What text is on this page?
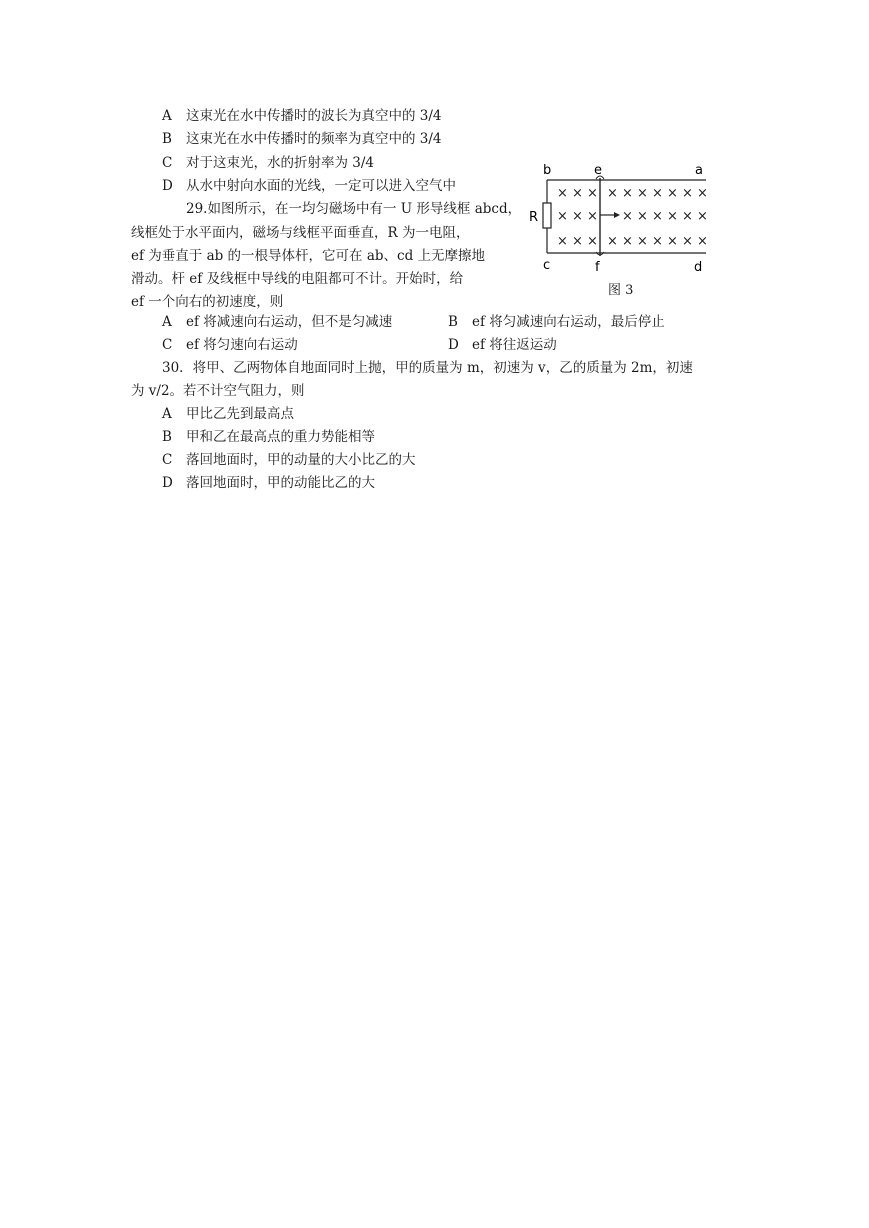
A 这束光在水中传播时的波长为真空中的 3/4
B 这束光在水中传播时的频率为真空中的 3/4
C 对于这束光，水的折射率为 3/4
D 从水中射向水面的光线，一定可以进入空气中
29.如图所示，在一均匀磁场中有一 U 形导线框 abcd，
线框处于水平面内，磁场与线框平面垂直，R 为一电阻，
ef 为垂直于 ab 的一根导体杆，它可在 ab、cd 上无摩擦地
滑动。杆 ef 及线框中导线的电阻都可不计。开始时，给
ef 一个向右的初速度，则
b	e	a
c	f	d
R
× × × × × × × × × ×
× × × × × × × × ×
× × × × × × × × × ×
图 3
A ef 将减速向右运动，但不是匀减速	B ef 将匀减速向右运动，最后停止
C ef 将匀速向右运动	D ef 将往返运动
30．将甲、乙两物体自地面同时上抛，甲的质量为 m，初速为 v，乙的质量为 2m，初速
为 v/2。若不计空气阻力，则
A 甲比乙先到最高点
B 甲和乙在最高点的重力势能相等
C 落回地面时，甲的动量的大小比乙的大
D 落回地面时，甲的动能比乙的大
